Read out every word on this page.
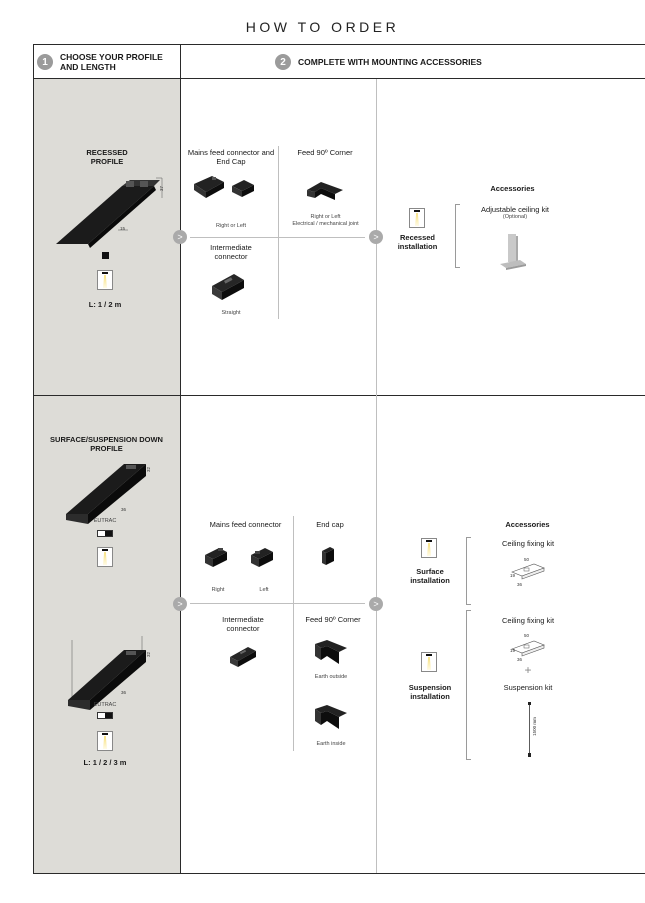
HOW TO ORDER
1	CHOOSE YOUR PROFILE AND LENGTH	2	COMPLETE WITH MOUNTING ACCESSORIES
RECESSED PROFILE
37
15
L: 1 / 2 m
Mains feed connector and End Cap
Right or Left
Feed 90º Corner
Right or Left
Electrical / mechanical joint
Intermediate connector
Straight
>	>	Recessed installation
Accessories
Adjustable ceiling kit
(Optional)
SURFACE/SUSPENSION DOWN PROFILE
32
36
EUTRAC
32
36
EUTRAC
L: 1 / 2 / 3 m
Mains feed connector
Right	Left
End cap
Intermediate connector
Feed 90º Corner
Earth outside
Earth inside
>	>
Surface installation
Suspension installation
Accessories
Ceiling fixing kit
50
19
36
Ceiling fixing kit
50
19
36
+
Suspension kit
1500 mm
